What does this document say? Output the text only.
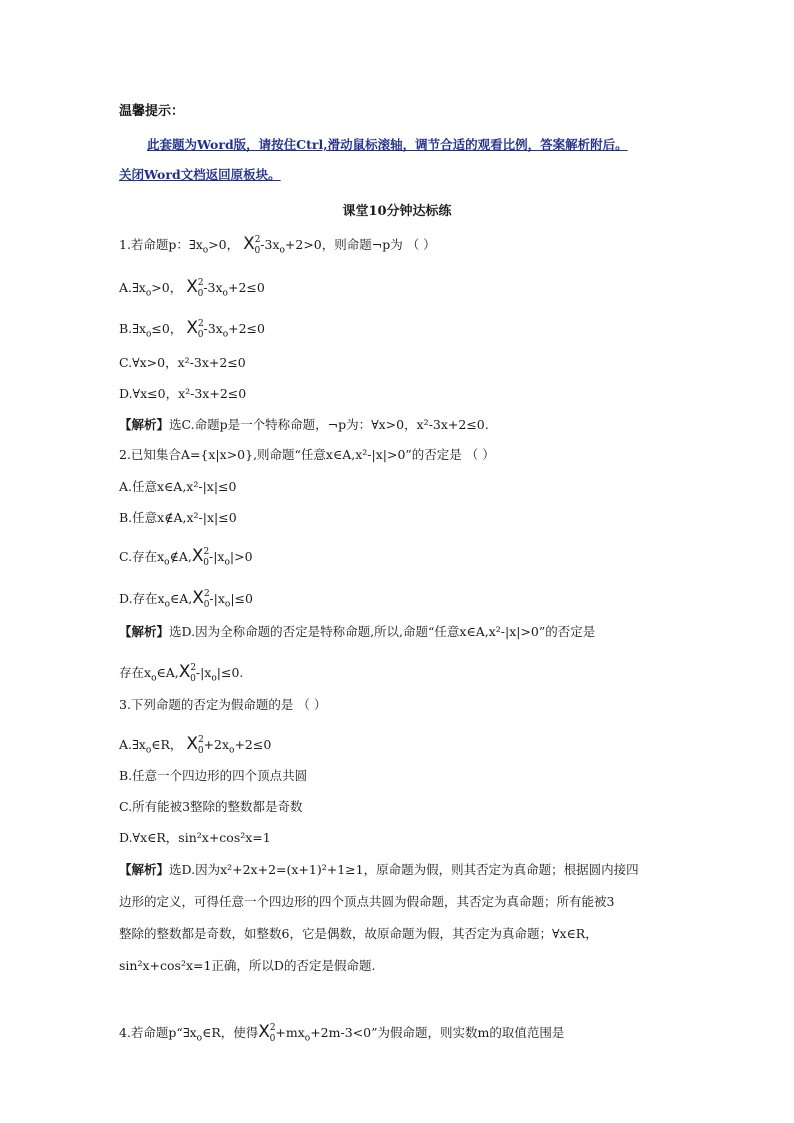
温馨提示：
此套题为Word版，请按住Ctrl,滑动鼠标滚轴，调节合适的观看比例，答案解析附后。
关闭Word文档返回原板块。
课堂10分钟达标练
1.若命题p：$\exists x_o>0$， $X^2_0-3x_o+2>0$，则命题¬p为 （ ）
$A.\exists x_o>0$， $X^2_0-3x_o+2\le 0$
$B.\exists x_o\le 0$， $X^2_0-3x_o+2\le 0$
C.∀x>0，x²-3x+2≤0
D.∀x≤0，x²-3x+2≤0
【解析】选C.命题p是一个特称命题，¬p为：∀x>0，x²-3x+2≤0.
2.已知集合A={x|x>0},则命题“任意x∈A,x²-|x|>0”的否定是 （ ）
A.任意x∈A,x²-|x|≤0
B.任意x∉A,x²-|x|≤0
C.存在$x_o\notin A,X^2_0-|x_o|>0$
D.存在$x_o\in A,X^2_0-|x_o|\le 0$
【解析】选D.因为全称命题的否定是特称命题,所以,命题“任意x∈A,x²-|x|>0”的否定是
存在$x_o\in A,X^2_0-|x_o|\le 0$.
3.下列命题的否定为假命题的是 （ ）
$A.\exists x_o\in R$， $X^2_0+2x_o+2\le 0$
B.任意一个四边形的四个顶点共圆
C.所有能被3整除的整数都是奇数
D.∀x∈R，sin²x+cos²x=1
【解析】选D.因为x²+2x+2=(x+1)²+1≥1，原命题为假，则其否定为真命题；根据圆内接四
边形的定义，可得任意一个四边形的四个顶点共圆为假命题，其否定为真命题；所有能被3
整除的整数都是奇数，如整数6，它是偶数，故原命题为假，其否定为真命题；∀x∈R，
sin²x+cos²x=1正确，所以D的否定是假命题.
4.若命题$p“\exists x_o\in R$，使得$X^2_0+mx_o+2m-3<0$”为假命题，则实数m的取值范围是
